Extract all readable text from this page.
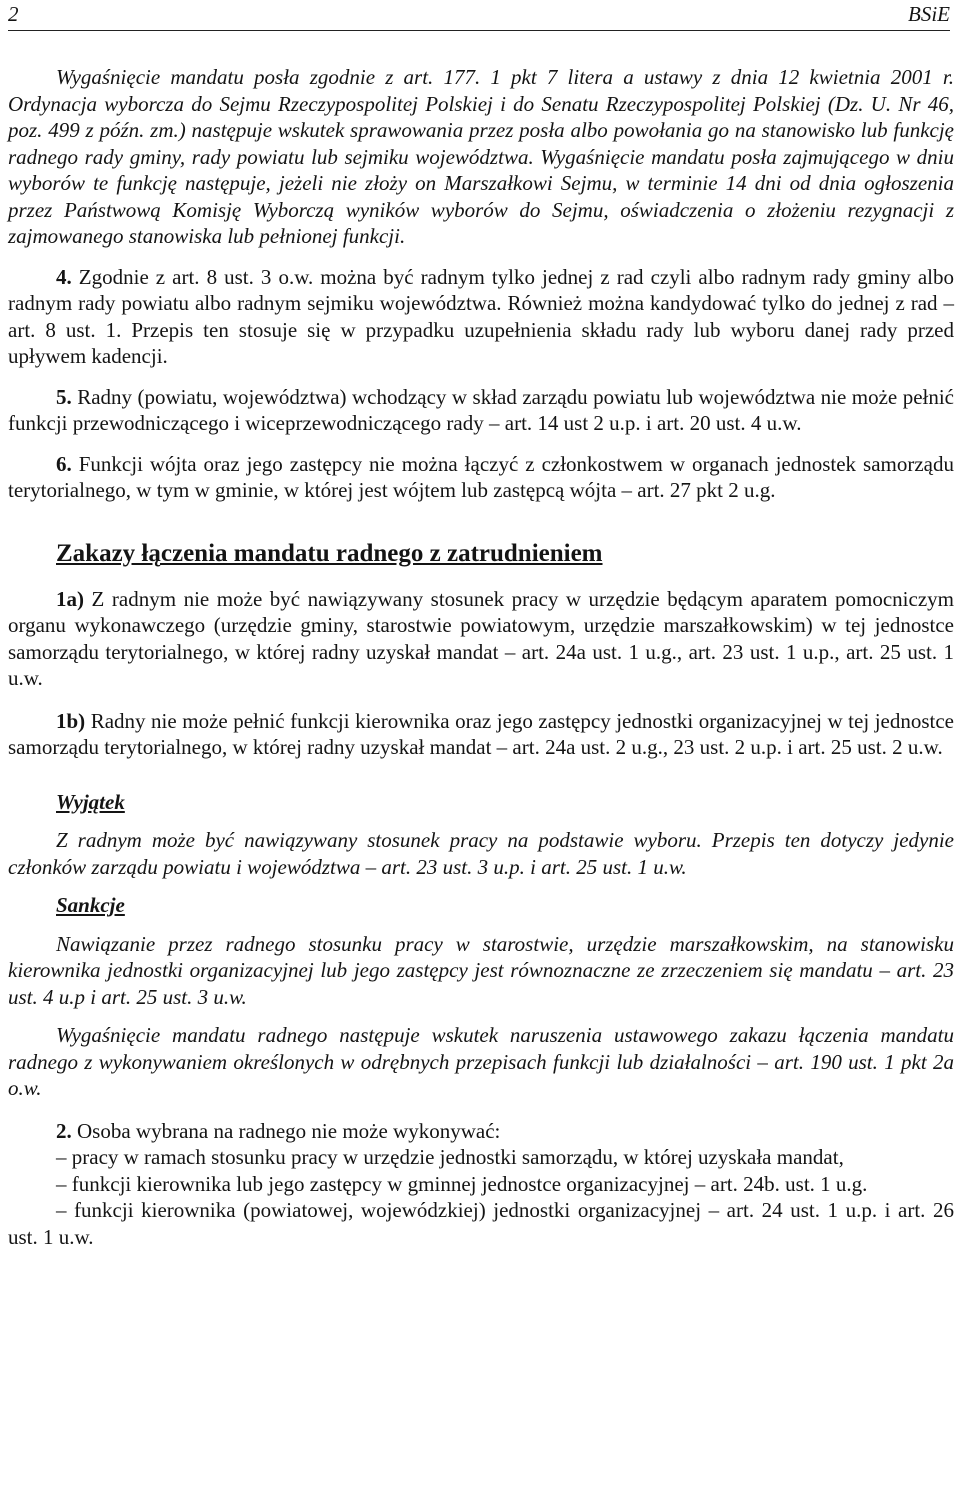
2	BSiE

Wygaśnięcie mandatu posła zgodnie z art. 177. 1 pkt 7 litera a ustawy z dnia 12 kwietnia 2001 r. Ordynacja wyborcza do Sejmu Rzeczypospolitej Polskiej i do Senatu Rzeczypospolitej Polskiej (Dz. U. Nr 46, poz. 499 z późn. zm.) następuje wskutek sprawowania przez posła albo powołania go na stanowisko lub funkcję radnego rady gminy, rady powiatu lub sejmiku województwa. Wygaśnięcie mandatu posła zajmującego w dniu wyborów te funkcję następuje, jeżeli nie złoży on Marszałkowi Sejmu, w terminie 14 dni od dnia ogłoszenia przez Państwową Komisję Wyborczą wyników wyborów do Sejmu, oświadczenia o złożeniu rezygnacji z zajmowanego stanowiska lub pełnionej funkcji.

4. Zgodnie z art. 8 ust. 3 o.w. można być radnym tylko jednej z rad czyli albo radnym rady gminy albo radnym rady powiatu albo radnym sejmiku województwa. Również można kandydować tylko do jednej z rad – art. 8 ust. 1. Przepis ten stosuje się w przypadku uzupełnienia składu rady lub wyboru danej rady przed upływem kadencji.

5. Radny (powiatu, województwa) wchodzący w skład zarządu powiatu lub województwa nie może pełnić funkcji przewodniczącego i wiceprzewodniczącego rady – art. 14 ust 2 u.p. i art. 20 ust. 4 u.w.

6. Funkcji wójta oraz jego zastępcy nie można łączyć z członkostwem w organach jednostek samorządu terytorialnego, w tym w gminie, w której jest wójtem lub zastępcą wójta – art. 27 pkt 2 u.g.

Zakazy łączenia mandatu radnego z zatrudnieniem

1a) Z radnym nie może być nawiązywany stosunek pracy w urzędzie będącym aparatem pomocniczym organu wykonawczego (urzędzie gminy, starostwie powiatowym, urzędzie marszałkowskim) w tej jednostce samorządu terytorialnego, w której radny uzyskał mandat – art. 24a ust. 1 u.g., art. 23 ust. 1 u.p., art. 25 ust. 1 u.w.

1b) Radny nie może pełnić funkcji kierownika oraz jego zastępcy jednostki organizacyjnej w tej jednostce samorządu terytorialnego, w której radny uzyskał mandat – art. 24a ust. 2 u.g., 23 ust. 2 u.p. i art. 25 ust. 2 u.w.

Wyjątek

Z radnym może być nawiązywany stosunek pracy na podstawie wyboru. Przepis ten dotyczy jedynie członków zarządu powiatu i województwa – art. 23 ust. 3 u.p. i art. 25 ust. 1 u.w.

Sankcje

Nawiązanie przez radnego stosunku pracy w starostwie, urzędzie marszałkowskim, na stanowisku kierownika jednostki organizacyjnej lub jego zastępcy jest równoznaczne ze zrzeczeniem się mandatu – art. 23 ust. 4 u.p i art. 25 ust. 3 u.w.

Wygaśnięcie mandatu radnego następuje wskutek naruszenia ustawowego zakazu łączenia mandatu radnego z wykonywaniem określonych w odrębnych przepisach funkcji lub działalności – art. 190 ust. 1 pkt 2a o.w.

2. Osoba wybrana na radnego nie może wykonywać:

– pracy w ramach stosunku pracy w urzędzie jednostki samorządu, w której uzyskała mandat,

– funkcji kierownika lub jego zastępcy w gminnej jednostce organizacyjnej – art. 24b. ust. 1 u.g.

– funkcji kierownika (powiatowej, wojewódzkiej) jednostki organizacyjnej – art. 24 ust. 1 u.p. i art. 26 ust. 1 u.w.
